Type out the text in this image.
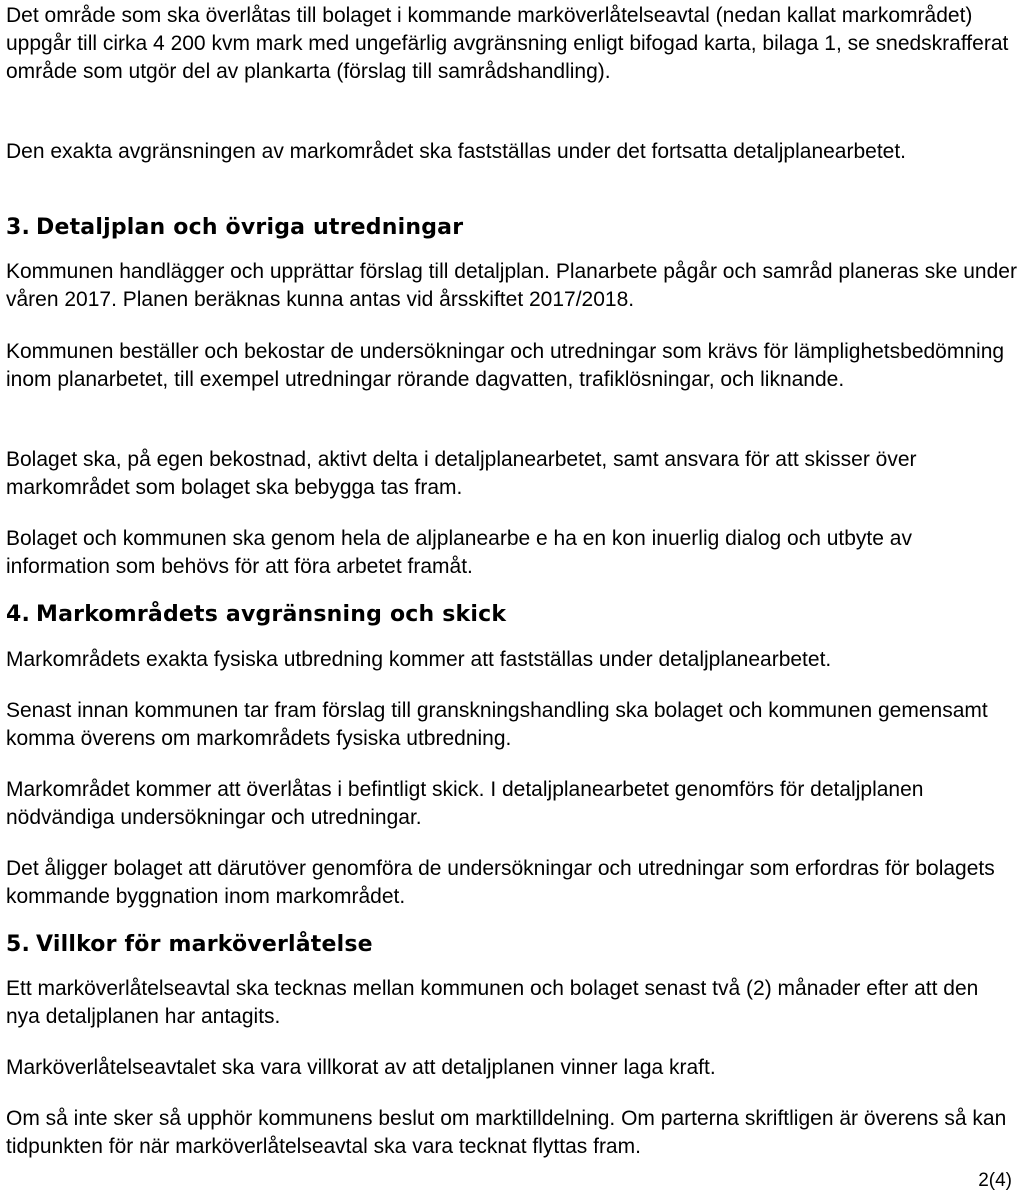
Det område som ska överlåtas till bolaget i kommande marköverlåtelseavtal (nedan kallat markområdet) uppgår till cirka 4 200 kvm mark med ungefärlig avgränsning enligt bifogad karta, bilaga 1, se snedskrafferat område som utgör del av plankarta (förslag till samrådshandling).

Den exakta avgränsningen av markområdet ska fastställas under det fortsatta detaljplanearbetet.

3. Detaljplan och övriga utredningar

Kommunen handlägger och upprättar förslag till detaljplan. Planarbete pågår och samråd planeras ske under våren 2017. Planen beräknas kunna antas vid årsskiftet 2017/2018.

Kommunen beställer och bekostar de undersökningar och utredningar som krävs för lämplighetsbedömning inom planarbetet, till exempel utredningar rörande dagvatten, trafiklösningar, och liknande.

Bolaget ska, på egen bekostnad, aktivt delta i detaljplanearbetet, samt ansvara för att skisser över markområdet som bolaget ska bebygga tas fram.

Bolaget och kommunen ska genom hela de aljplanearbe e ha en kon inuerlig dialog och utbyte av information som behövs för att föra arbetet framåt.

4. Markområdets avgränsning och skick

Markområdets exakta fysiska utbredning kommer att fastställas under detaljplanearbetet.

Senast innan kommunen tar fram förslag till granskningshandling ska bolaget och kommunen gemensamt komma överens om markområdets fysiska utbredning.

Markområdet kommer att överlåtas i befintligt skick. I detaljplanearbetet genomförs för detaljplanen nödvändiga undersökningar och utredningar.

Det åligger bolaget att därutöver genomföra de undersökningar och utredningar som erfordras för bolagets kommande byggnation inom markområdet.

5. Villkor för marköverlåtelse

Ett marköverlåtelseavtal ska tecknas mellan kommunen och bolaget senast två (2) månader efter att den nya detaljplanen har antagits.

Marköverlåtelseavtalet ska vara villkorat av att detaljplanen vinner laga kraft.

Om så inte sker så upphör kommunens beslut om marktilldelning. Om parterna skriftligen är överens så kan tidpunkten för när marköverlåtelseavtal ska vara tecknat flyttas fram.

2(4)
